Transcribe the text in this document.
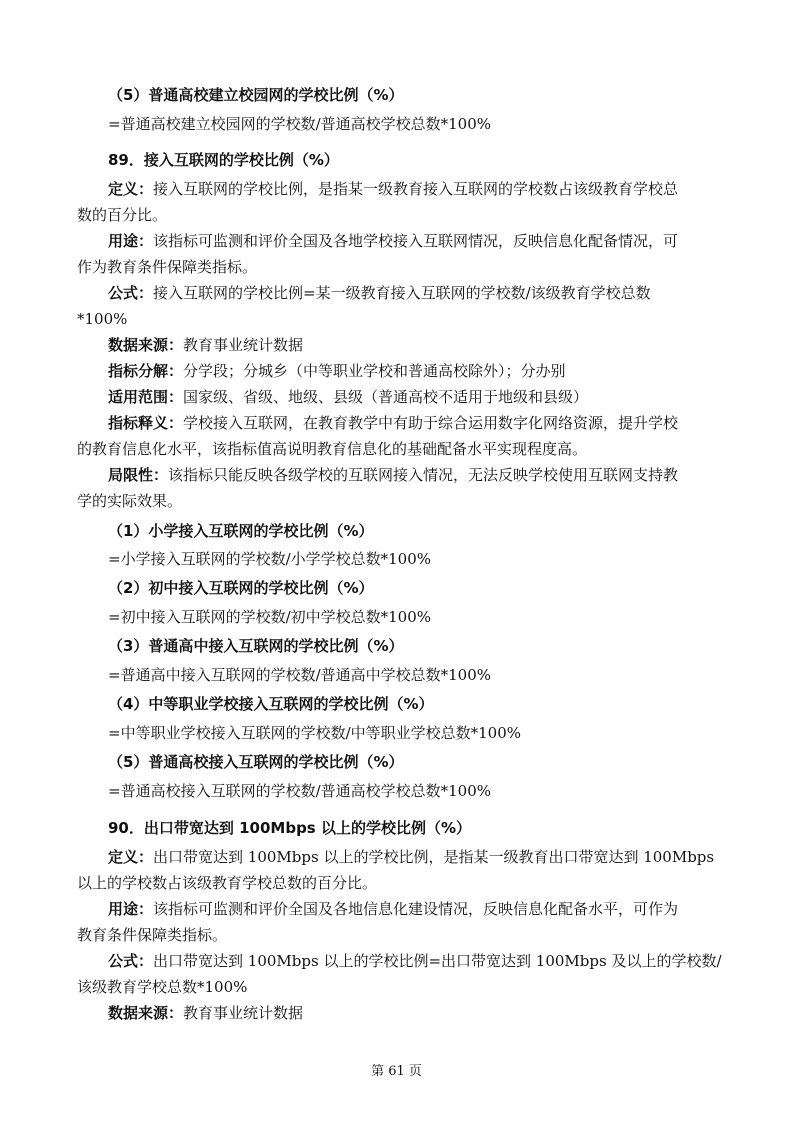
（5）普通高校建立校园网的学校比例（%）
=普通高校建立校园网的学校数/普通高校学校总数*100%
89．接入互联网的学校比例（%）
定义：接入互联网的学校比例，是指某一级教育接入互联网的学校数占该级教育学校总
数的百分比。
用途：该指标可监测和评价全国及各地学校接入互联网情况，反映信息化配备情况，可
作为教育条件保障类指标。
公式：接入互联网的学校比例=某一级教育接入互联网的学校数/该级教育学校总数
*100%
数据来源：教育事业统计数据
指标分解：分学段；分城乡（中等职业学校和普通高校除外）；分办别
适用范围：国家级、省级、地级、县级（普通高校不适用于地级和县级）
指标释义：学校接入互联网，在教育教学中有助于综合运用数字化网络资源，提升学校
的教育信息化水平，该指标值高说明教育信息化的基础配备水平实现程度高。
局限性：该指标只能反映各级学校的互联网接入情况，无法反映学校使用互联网支持教
学的实际效果。
（1）小学接入互联网的学校比例（%）
=小学接入互联网的学校数/小学学校总数*100%
（2）初中接入互联网的学校比例（%）
=初中接入互联网的学校数/初中学校总数*100%
（3）普通高中接入互联网的学校比例（%）
=普通高中接入互联网的学校数/普通高中学校总数*100%
（4）中等职业学校接入互联网的学校比例（%）
=中等职业学校接入互联网的学校数/中等职业学校总数*100%
（5）普通高校接入互联网的学校比例（%）
=普通高校接入互联网的学校数/普通高校学校总数*100%
90．出口带宽达到 100Mbps 以上的学校比例（%）
定义：出口带宽达到 100Mbps 以上的学校比例，是指某一级教育出口带宽达到 100Mbps
以上的学校数占该级教育学校总数的百分比。
用途：该指标可监测和评价全国及各地信息化建设情况，反映信息化配备水平，可作为
教育条件保障类指标。
公式：出口带宽达到 100Mbps 以上的学校比例=出口带宽达到 100Mbps 及以上的学校数/
该级教育学校总数*100%
数据来源：教育事业统计数据
第 61 页
